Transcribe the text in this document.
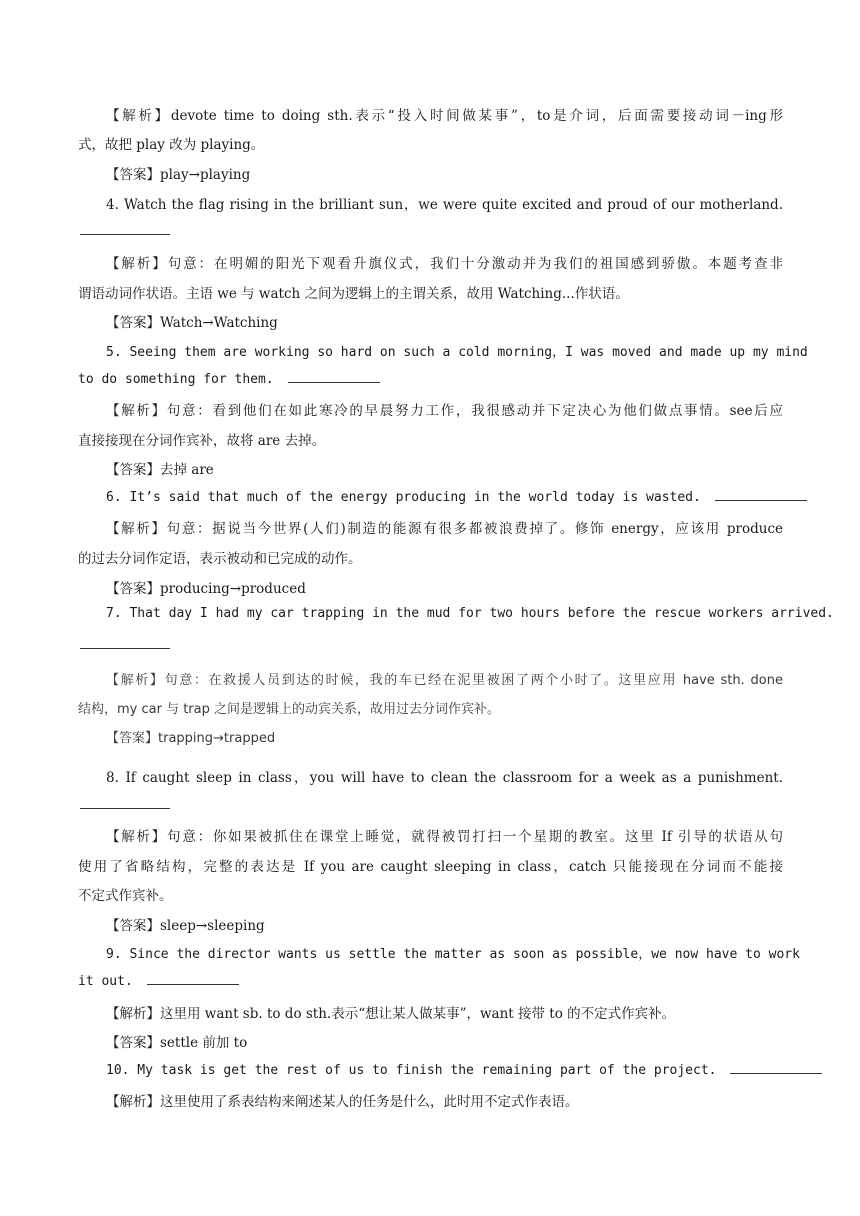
【解析】devote time to doing sth.表示“投入时间做某事”，to是介词，后面需要接动词－ing形
式，故把 play 改为 playing。
【答案】play→playing
4. Watch the flag rising in the brilliant sun，we were quite excited and proud of our motherland.
【解析】句意：在明媚的阳光下观看升旗仪式，我们十分激动并为我们的祖国感到骄傲。本题考查非
谓语动词作状语。主语 we 与 watch 之间为逻辑上的主谓关系，故用 Watching...作状语。
【答案】Watch→Watching
5. Seeing them are working so hard on such a cold morning，I was moved and made up my mind
to do something for them.
【解析】句意：看到他们在如此寒冷的早晨努力工作，我很感动并下定决心为他们做点事情。see后应
直接接现在分词作宾补，故将 are 去掉。
【答案】去掉 are
6. It’s said that much of the energy producing in the world today is wasted.
【解析】句意：据说当今世界(人们)制造的能源有很多都被浪费掉了。修饰 energy，应该用 produce
的过去分词作定语，表示被动和已完成的动作。
【答案】producing→produced
7. That day I had my car trapping in the mud for two hours before the rescue workers arrived.
【解析】句意：在救援人员到达的时候，我的车已经在泥里被困了两个小时了。这里应用 have sth. done
结构，my car 与 trap 之间是逻辑上的动宾关系，故用过去分词作宾补。
【答案】trapping→trapped
8. If caught sleep in class，you will have to clean the classroom for a week as a punishment.
【解析】句意：你如果被抓住在课堂上睡觉，就得被罚打扫一个星期的教室。这里 If 引导的状语从句
使用了省略结构，完整的表达是 If you are caught sleeping in class，catch 只能接现在分词而不能接
不定式作宾补。
【答案】sleep→sleeping
9. Since the director wants us settle the matter as soon as possible，we now have to work
it out.
【解析】这里用 want sb. to do sth.表示“想让某人做某事”，want 接带 to 的不定式作宾补。
【答案】settle 前加 to
10. My task is get the rest of us to finish the remaining part of the project.
【解析】这里使用了系表结构来阐述某人的任务是什么，此时用不定式作表语。
